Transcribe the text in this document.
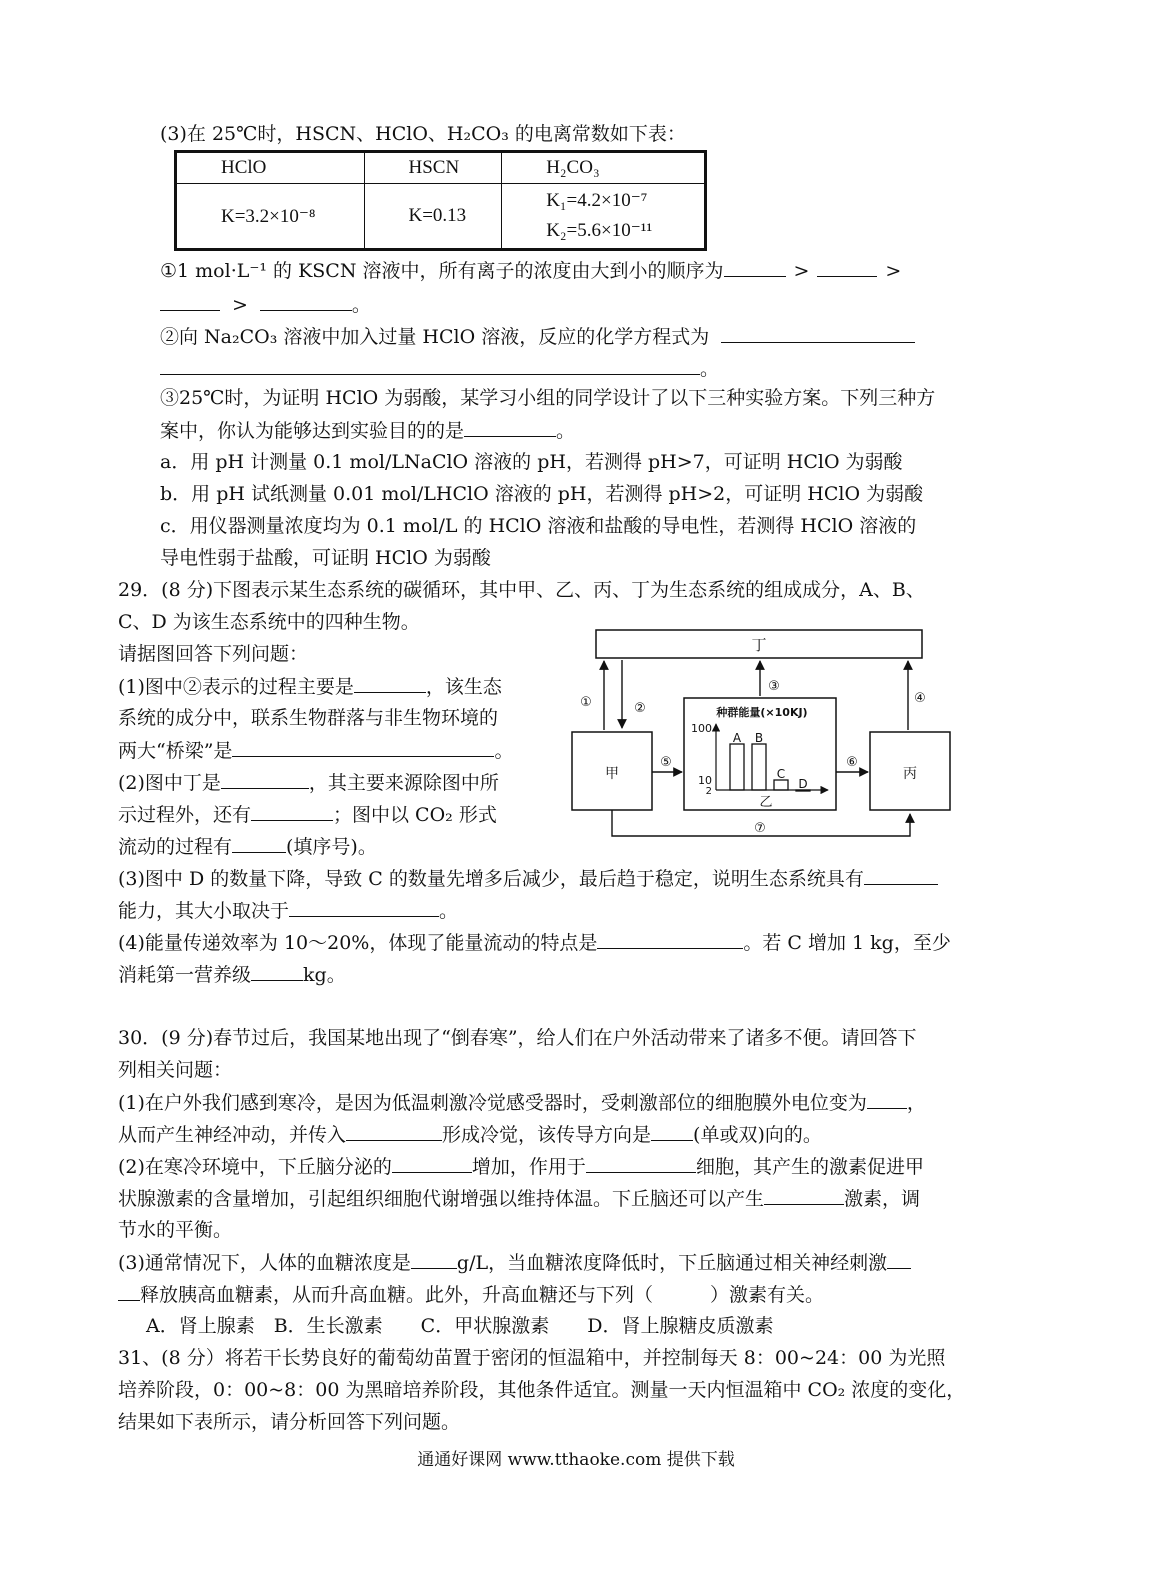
(3)在 25℃时，HSCN、HClO、H₂CO₃ 的电离常数如下表：
HClO	HSCN	H₂CO₃
K=3.2×10⁻⁸	K=0.13	K₁=4.2×10⁻⁷
K₂=5.6×10⁻¹¹
①1 mol·L⁻¹ 的 KSCN 溶液中，所有离子的浓度由大到小的顺序为	>	>
>	。
②向 Na₂CO₃ 溶液中加入过量 HClO 溶液，反应的化学方程式为
。
③25℃时，为证明 HClO 为弱酸，某学习小组的同学设计了以下三种实验方案。下列三种方
案中，你认为能够达到实验目的的是	。
a．用 pH 计测量 0.1 mol/LNaClO 溶液的 pH，若测得 pH>7，可证明 HClO 为弱酸
b．用 pH 试纸测量 0.01 mol/LHClO 溶液的 pH，若测得 pH>2，可证明 HClO 为弱酸
c．用仪器测量浓度均为 0.1 mol/L 的 HClO 溶液和盐酸的导电性，若测得 HClO 溶液的
导电性弱于盐酸，可证眀 HClO 为弱酸
29．(8 分)下图表示某生态系统的碳循环，其中甲、乙、丙、丁为生态系统的组成成分，A、B、
C、D 为该生态系统中的四种生物。
请据图回答下列问题：
(1)图中②表示的过程主要是	，该生态
系统的成分中，联系生物群落与非生物环境的
两大“桥梁”是	。
(2)图中丁是	，其主要来源除图中所
示过程外，还有	；图中以 CO₂ 形式
流动的过程有	(填序号)。
(3)图中 D 的数量下降，导致 C 的数量先增多后减少，最后趋于稳定，说明生态系统具有
能力，其大小取决于	。
(4)能量传递效率为 10～20%，体现了能量流动的特点是	。若 C 增加 1 kg，至少
消耗第一营养级	kg。
丁
甲	丙
①	②
③
④
⑤	⑥
⑦
种群能量(×10KJ)
100
10
2
A B
C
D
乙
30．(9 分)春节过后，我国某地出现了“倒春寒”，给人们在户外活动带来了诸多不便。请回答下
列相关问题：
(1)在户外我们感到寒冷，是因为低温刺激冷觉感受器时，受刺激部位的细胞膜外电位变为 ，
从而产生神经冲动，并传入	形成冷觉，该传导方向是 (单或双)向的。
(2)在寒冷环境中，下丘脑分泌的	增加，作用于	细胞，其产生的激素促进甲
状腺激素的含量增加，引起组织细胞代谢增强以维持体温。下丘脑还可以产生	激素，调
节水的平衡。
(3)通常情况下，人体的血糖浓度是 g/L，当血糖浓度降低时，下丘脑通过相关神经刺激
释放胰高血糖素，从而升高血糖。此外，升高血糖还与下列（　　　）激素有关。
A．肾上腺素　B．生长激素　　C．甲状腺激素　　D．肾上腺糖皮质激素
31、(8 分）将若干长势良好的葡萄幼苗置于密闭的恒温箱中，并控制每天 8：00~24：00 为光照
培养阶段，0：00~8：00 为黑暗培养阶段，其他条件适宜。测量一天内恒温箱中 CO₂ 浓度的变化，
结果如下表所示，请分析回答下列问题。
通通好课网 www.tthaoke.com 提供下载
